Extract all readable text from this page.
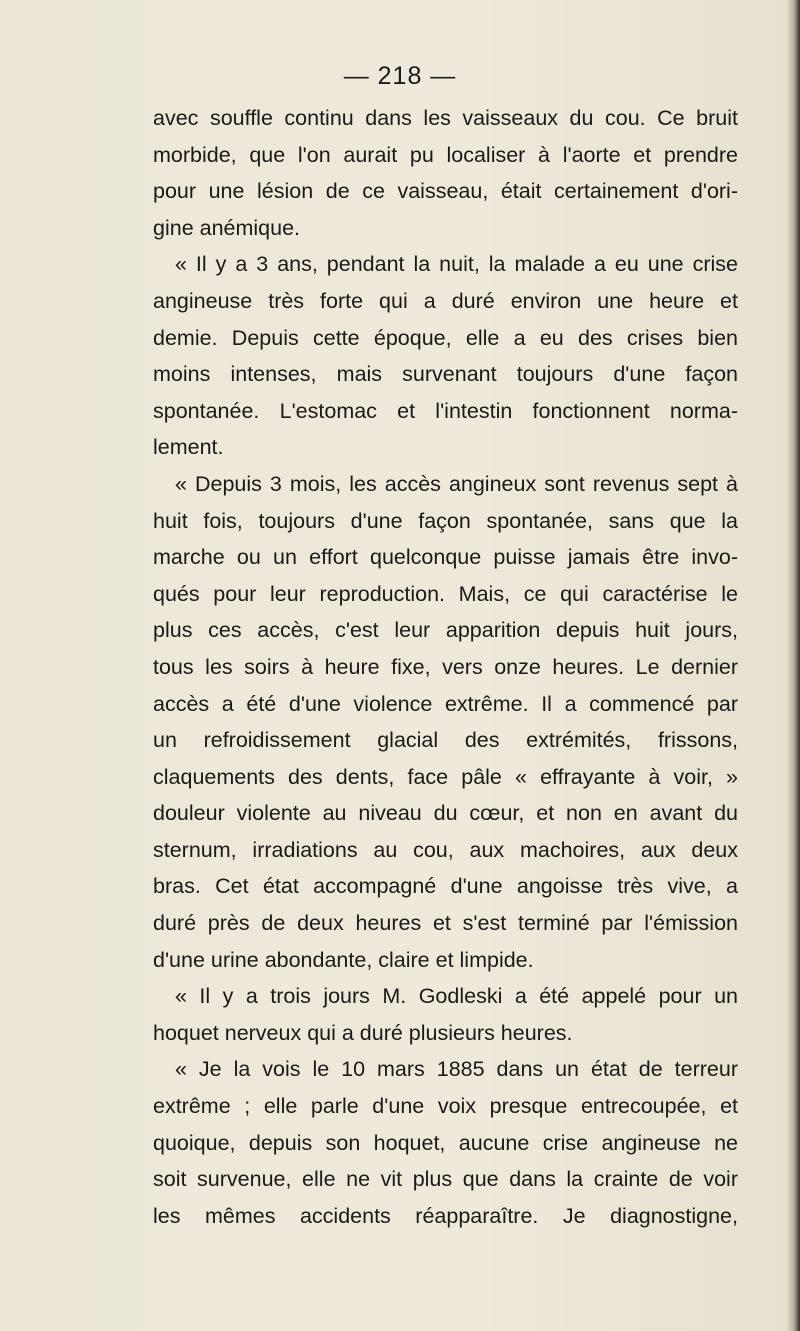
— 218 —
avec souffle continu dans les vaisseaux du cou. Ce bruit
morbide, que l'on aurait pu localiser à l'aorte et prendre
pour une lésion de ce vaisseau, était certainement d'ori-
gine anémique.
« Il y a 3 ans, pendant la nuit, la malade a eu une crise
angineuse très forte qui a duré environ une heure et
demie. Depuis cette époque, elle a eu des crises bien
moins intenses, mais survenant toujours d'une façon
spontanée. L'estomac et l'intestin fonctionnent norma-
lement.
« Depuis 3 mois, les accès angineux sont revenus sept à
huit fois, toujours d'une façon spontanée, sans que la
marche ou un effort quelconque puisse jamais être invo-
qués pour leur reproduction. Mais, ce qui caractérise le
plus ces accès, c'est leur apparition depuis huit jours,
tous les soirs à heure fixe, vers onze heures. Le dernier
accès a été d'une violence extrême. Il a commencé par
un refroidissement glacial des extrémités, frissons,
claquements des dents, face pâle « effrayante à voir, »
douleur violente au niveau du cœur, et non en avant du
sternum, irradiations au cou, aux machoires, aux deux
bras. Cet état accompagné d'une angoisse très vive, a
duré près de deux heures et s'est terminé par l'émission
d'une urine abondante, claire et limpide.
« Il y a trois jours M. Godleski a été appelé pour un
hoquet nerveux qui a duré plusieurs heures.
« Je la vois le 10 mars 1885 dans un état de terreur
extrême ; elle parle d'une voix presque entrecoupée, et
quoique, depuis son hoquet, aucune crise angineuse ne
soit survenue, elle ne vit plus que dans la crainte de voir
les mêmes accidents réapparaître. Je diagnostigne,
